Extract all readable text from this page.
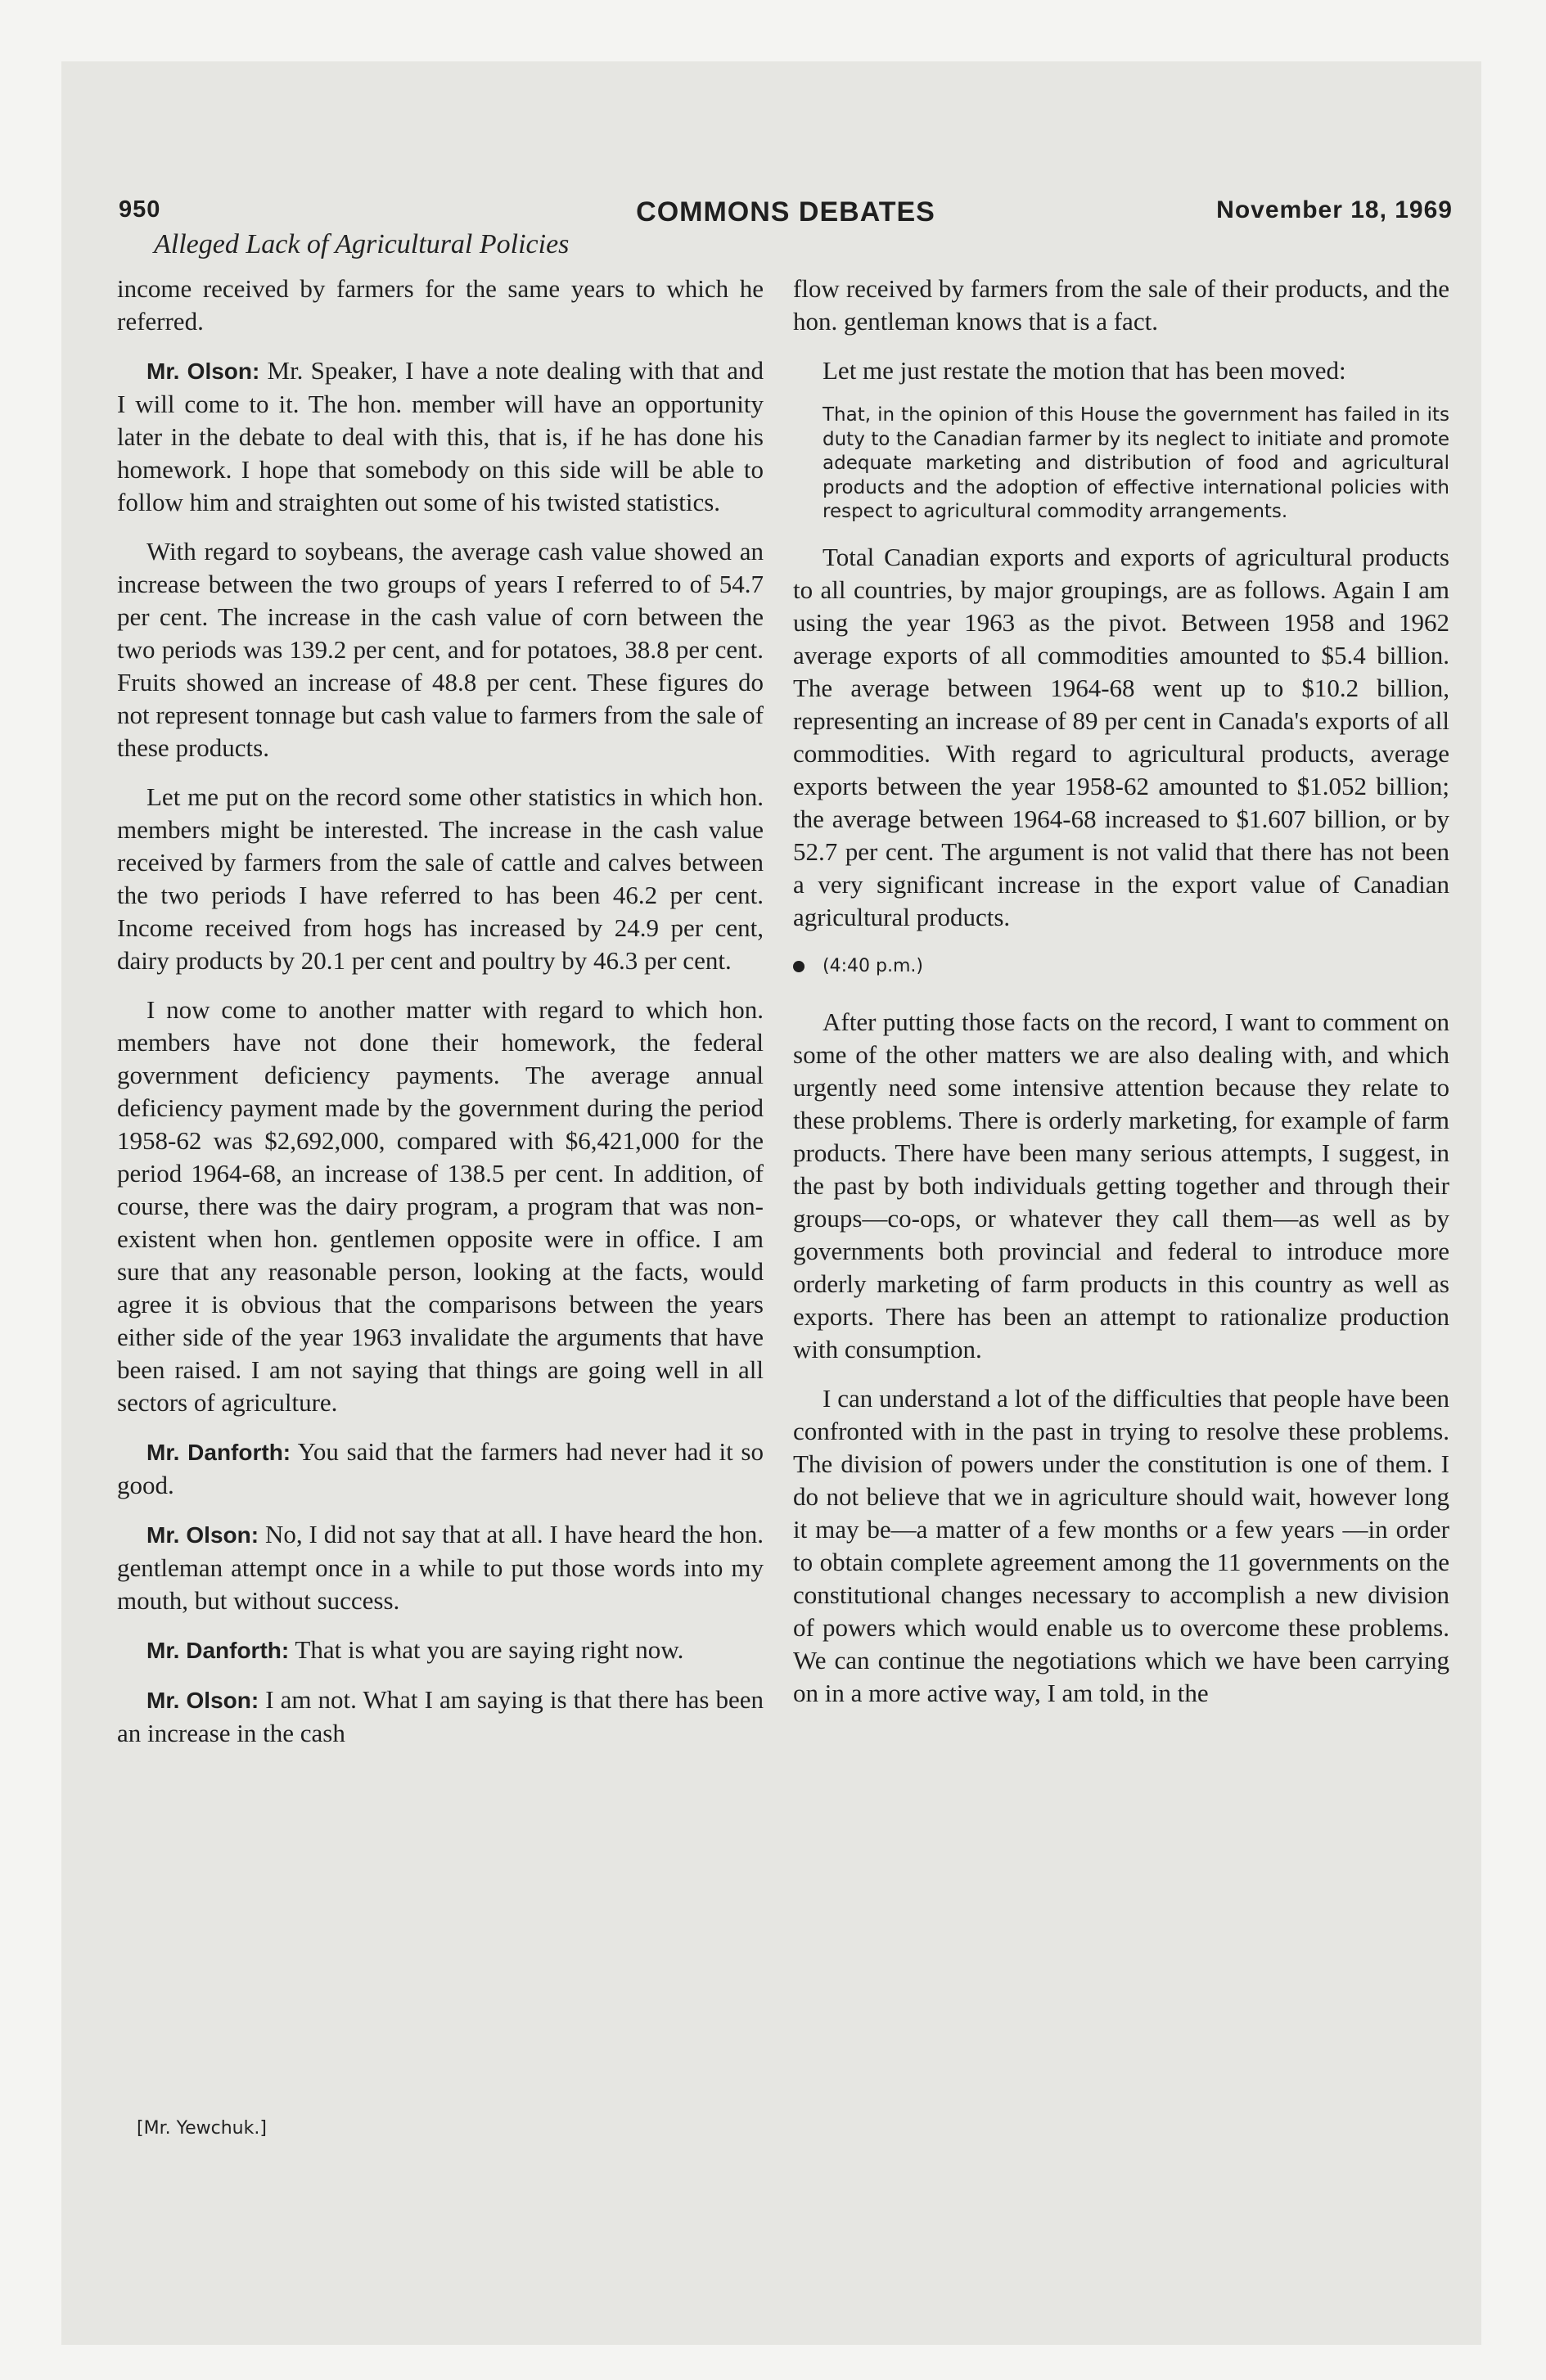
950	COMMONS DEBATES	November 18, 1969
Alleged Lack of Agricultural Policies

income received by farmers for the same years to which he referred.

Mr. Olson: Mr. Speaker, I have a note dealing with that and I will come to it. The hon. member will have an opportunity later in the debate to deal with this, that is, if he has done his homework. I hope that somebody on this side will be able to follow him and straighten out some of his twisted statistics.

With regard to soybeans, the average cash value showed an increase between the two groups of years I referred to of 54.7 per cent. The increase in the cash value of corn between the two periods was 139.2 per cent, and for potatoes, 38.8 per cent. Fruits showed an increase of 48.8 per cent. These figures do not represent tonnage but cash value to farmers from the sale of these products.

Let me put on the record some other statistics in which hon. members might be interested. The increase in the cash value received by farmers from the sale of cattle and calves between the two periods I have referred to has been 46.2 per cent. Income received from hogs has increased by 24.9 per cent, dairy products by 20.1 per cent and poultry by 46.3 per cent.

I now come to another matter with regard to which hon. members have not done their homework, the federal government deficiency payments. The average annual deficiency payment made by the government during the period 1958-62 was $2,692,000, compared with $6,421,000 for the period 1964-68, an increase of 138.5 per cent. In addition, of course, there was the dairy program, a program that was non-existent when hon. gentlemen opposite were in office. I am sure that any reasonable person, looking at the facts, would agree it is obvious that the comparisons between the years either side of the year 1963 invalidate the arguments that have been raised. I am not saying that things are going well in all sectors of agriculture.

Mr. Danforth: You said that the farmers had never had it so good.

Mr. Olson: No, I did not say that at all. I have heard the hon. gentleman attempt once in a while to put those words into my mouth, but without success.

Mr. Danforth: That is what you are saying right now.

Mr. Olson: I am not. What I am saying is that there has been an increase in the cash

flow received by farmers from the sale of their products, and the hon. gentleman knows that is a fact.

Let me just restate the motion that has been moved:

That, in the opinion of this House the government has failed in its duty to the Canadian farmer by its neglect to initiate and promote adequate marketing and distribution of food and agricultural products and the adoption of effective international policies with respect to agricultural commodity arrangements.

Total Canadian exports and exports of agricultural products to all countries, by major groupings, are as follows. Again I am using the year 1963 as the pivot. Between 1958 and 1962 average exports of all commodities amounted to $5.4 billion. The average between 1964-68 went up to $10.2 billion, representing an increase of 89 per cent in Canada's exports of all commodities. With regard to agricultural products, average exports between the year 1958-62 amounted to $1.052 billion; the average between 1964-68 increased to $1.607 billion, or by 52.7 per cent. The argument is not valid that there has not been a very significant increase in the export value of Canadian agricultural products.

(4:40 p.m.)

After putting those facts on the record, I want to comment on some of the other matters we are also dealing with, and which urgently need some intensive attention because they relate to these problems. There is orderly marketing, for example of farm products. There have been many serious attempts, I suggest, in the past by both individuals getting together and through their groups—co-ops, or whatever they call them—as well as by governments both provincial and federal to introduce more orderly marketing of farm products in this country as well as exports. There has been an attempt to rationalize production with consumption.

I can understand a lot of the difficulties that people have been confronted with in the past in trying to resolve these problems. The division of powers under the constitution is one of them. I do not believe that we in agriculture should wait, however long it may be—a matter of a few months or a few years —in order to obtain complete agreement among the 11 governments on the constitutional changes necessary to accomplish a new division of powers which would enable us to overcome these problems. We can continue the negotiations which we have been carrying on in a more active way, I am told, in the

[Mr. Yewchuk.]
